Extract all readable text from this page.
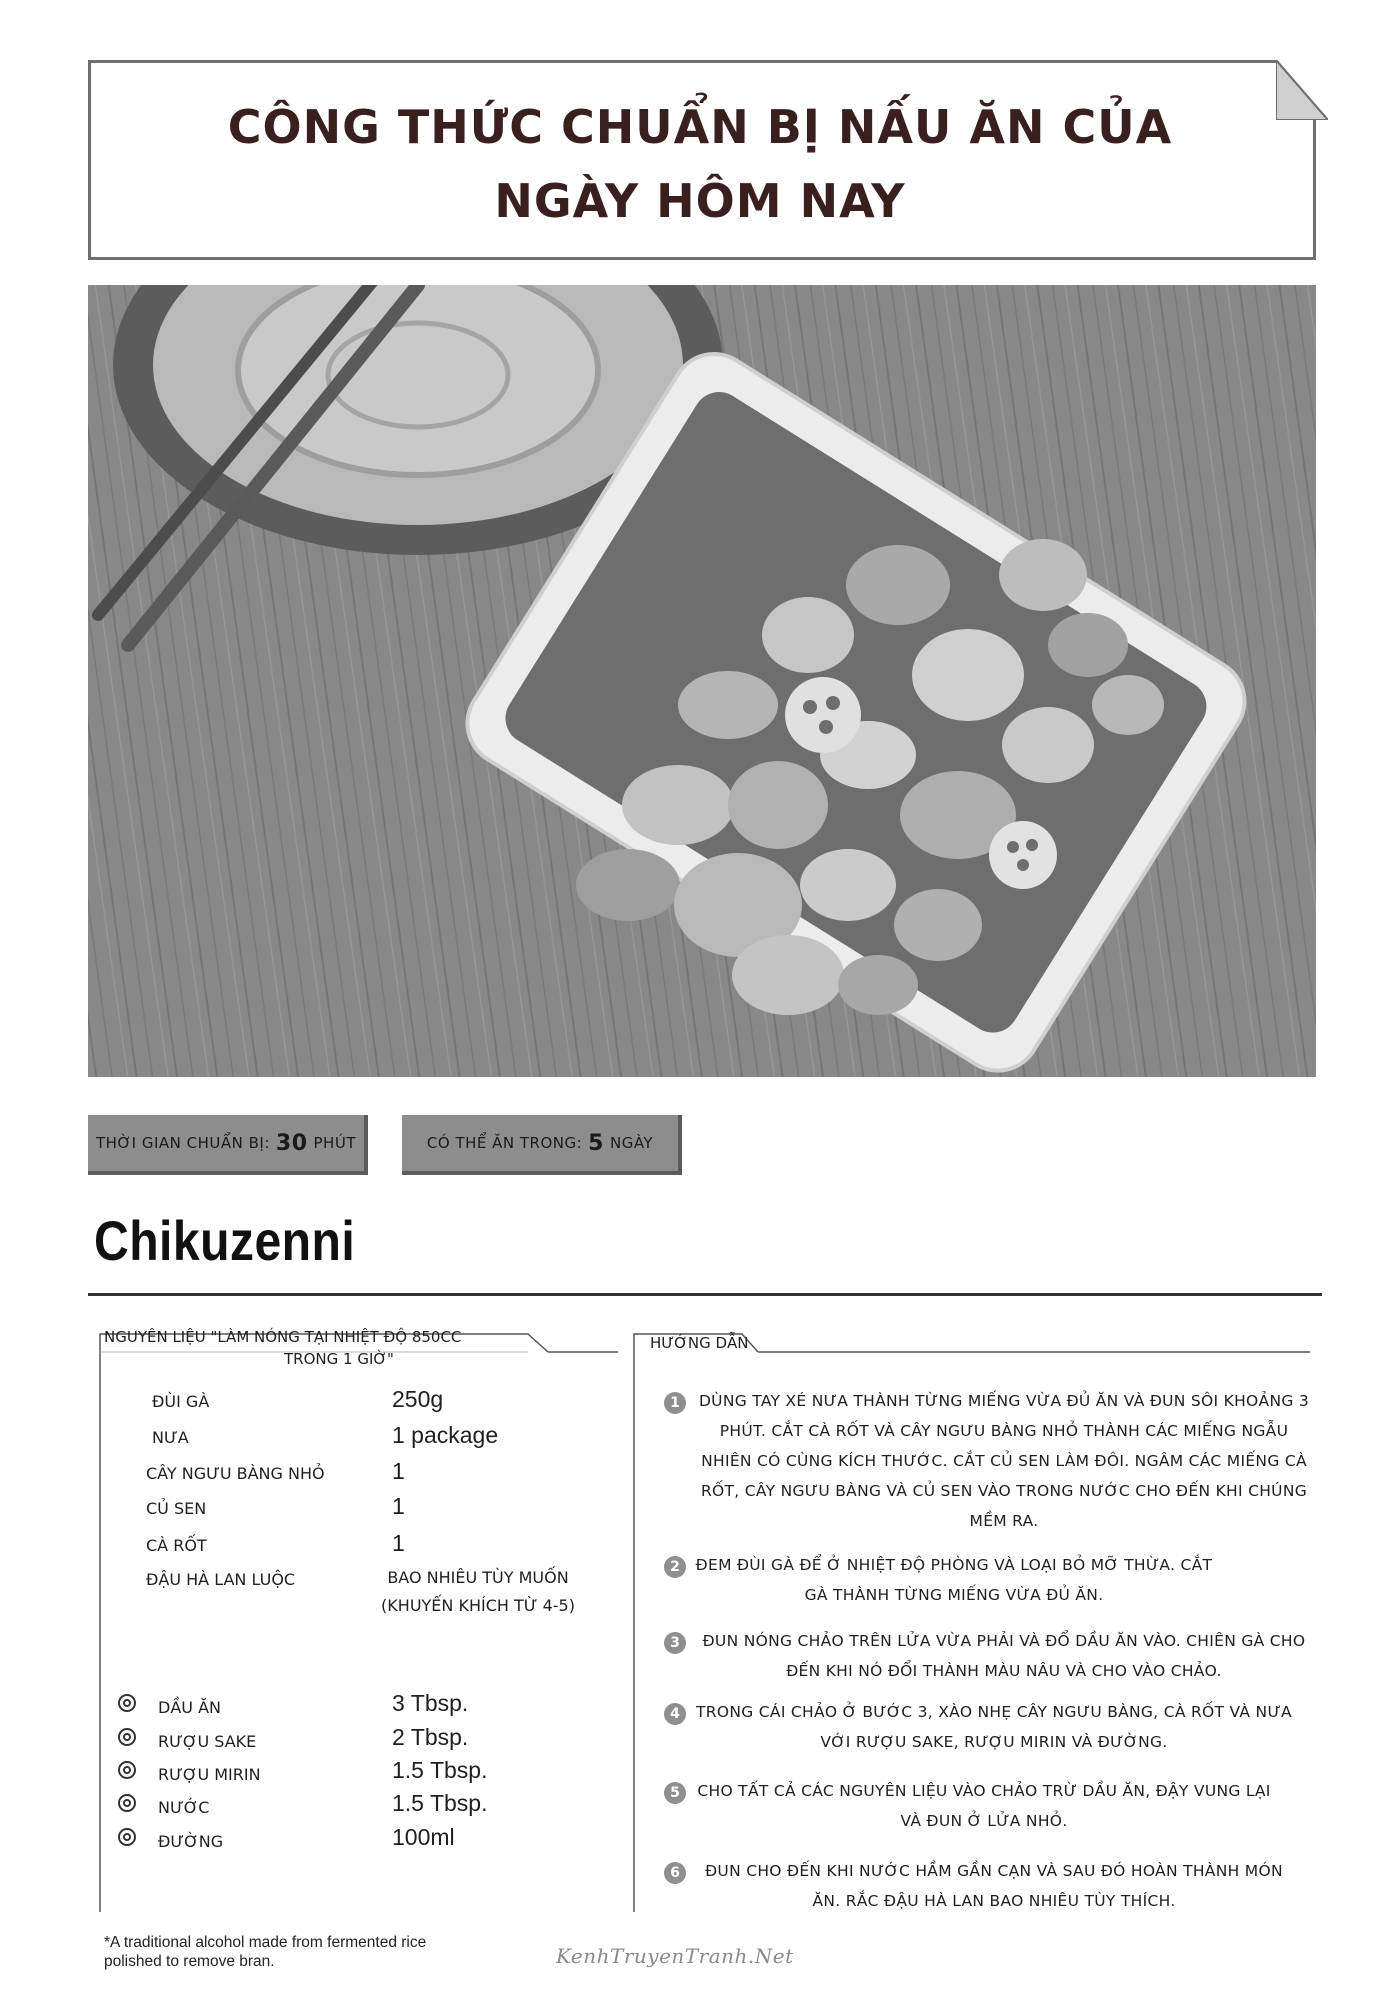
CÔNG THỨC CHUẨN BỊ NẤU ĂN CỦA
NGÀY HÔM NAY
THỜI GIAN CHUẨN BỊ: 30 PHÚT	CÓ THỂ ĂN TRONG: 5 NGÀY
Chikuzenni
NGUYÊN LIỆU "LÀM NÓNG TẠI NHIỆT ĐỘ 850CC
TRONG 1 GIỜ"
ĐÙI GÀ	250g
NƯA	1 package
CÂY NGƯU BÀNG NHỎ	1
CỦ SEN	1
CÀ RỐT	1
ĐẬU HÀ LAN LUỘC	BAO NHIÊU TÙY MUỐN (KHUYẾN KHÍCH TỪ 4-5)
DẦU ĂN	3 Tbsp.
RƯỢU SAKE	2 Tbsp.
RƯỢU MIRIN	1.5 Tbsp.
NƯỚC	1.5 Tbsp.
ĐƯỜNG	100ml
HƯỚNG DẪN
1	DÙNG TAY XÉ NƯA THÀNH TỪNG MIẾNG VỪA ĐỦ ĂN VÀ ĐUN SÔI KHOẢNG 3 PHÚT. CẮT CÀ RỐT VÀ CÂY NGƯU BÀNG NHỎ THÀNH CÁC MIẾNG NGẪU NHIÊN CÓ CÙNG KÍCH THƯỚC. CẮT CỦ SEN LÀM ĐÔI. NGÂM CÁC MIẾNG CÀ RỐT, CÂY NGƯU BÀNG VÀ CỦ SEN VÀO TRONG NƯỚC CHO ĐẾN KHI CHÚNG MỀM RA.
2	ĐEM ĐÙI GÀ ĐỂ Ở NHIỆT ĐỘ PHÒNG VÀ LOẠI BỎ MỠ THỪA. CẮT GÀ THÀNH TỪNG MIẾNG VỪA ĐỦ ĂN.
3	ĐUN NÓNG CHẢO TRÊN LỬA VỪA PHẢI VÀ ĐỔ DẦU ĂN VÀO. CHIÊN GÀ CHO ĐẾN KHI NÓ ĐỔI THÀNH MÀU NÂU VÀ CHO VÀO CHẢO.
4	TRONG CÁI CHẢO Ở BƯỚC 3, XÀO NHẸ CÂY NGƯU BÀNG, CÀ RỐT VÀ NƯA VỚI RƯỢU SAKE, RƯỢU MIRIN VÀ ĐƯỜNG.
5	CHO TẤT CẢ CÁC NGUYÊN LIỆU VÀO CHẢO TRỪ DẦU ĂN, ĐẬY VUNG LẠI VÀ ĐUN Ở LỬA NHỎ.
6	ĐUN CHO ĐẾN KHI NƯỚC HẦM GẦN CẠN VÀ SAU ĐÓ HOÀN THÀNH MÓN ĂN. RẮC ĐẬU HÀ LAN BAO NHIÊU TÙY THÍCH.
*A traditional alcohol made from fermented rice polished to remove bran.	KenhTruyenTranh.Net
